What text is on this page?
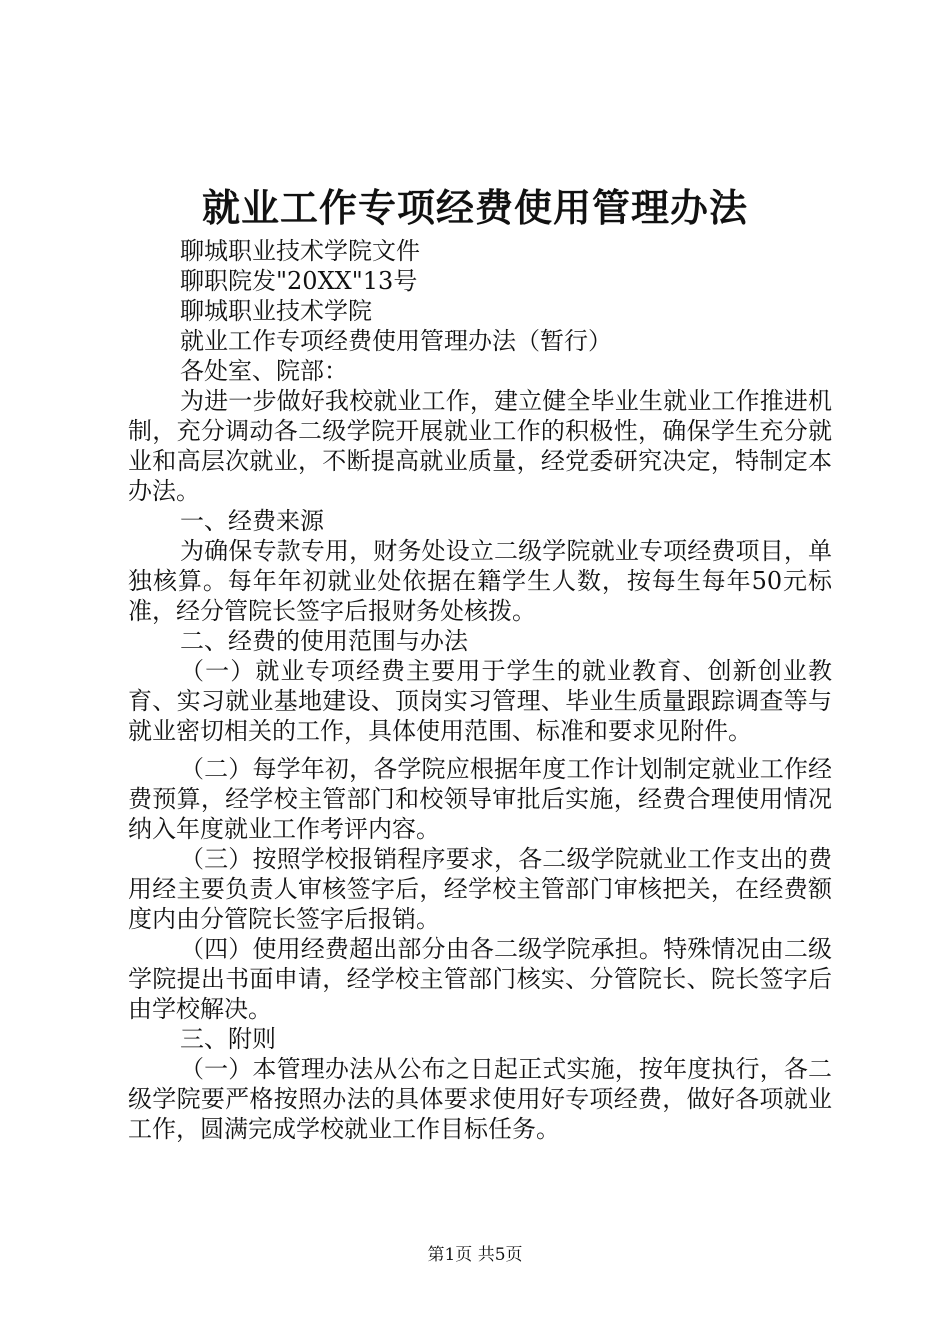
就业工作专项经费使用管理办法

聊城职业技术学院文件

聊职院发"20XX"13号

聊城职业技术学院

就业工作专项经费使用管理办法（暂行）

各处室、院部：

为进一步做好我校就业工作，建立健全毕业生就业工作推进机制，充分调动各二级学院开展就业工作的积极性，确保学生充分就业和高层次就业，不断提高就业质量，经党委研究决定，特制定本办法。

一、经费来源

为确保专款专用，财务处设立二级学院就业专项经费项目，单独核算。每年年初就业处依据在籍学生人数，按每生每年50元标准，经分管院长签字后报财务处核拨。

二、经费的使用范围与办法

（一）就业专项经费主要用于学生的就业教育、创新创业教育、实习就业基地建设、顶岗实习管理、毕业生质量跟踪调查等与就业密切相关的工作，具体使用范围、标准和要求见附件。

（二）每学年初，各学院应根据年度工作计划制定就业工作经费预算，经学校主管部门和校领导审批后实施，经费合理使用情况纳入年度就业工作考评内容。

（三）按照学校报销程序要求，各二级学院就业工作支出的费用经主要负责人审核签字后，经学校主管部门审核把关，在经费额度内由分管院长签字后报销。

（四）使用经费超出部分由各二级学院承担。特殊情况由二级学院提出书面申请，经学校主管部门核实、分管院长、院长签字后由学校解决。

三、附则

（一）本管理办法从公布之日起正式实施，按年度执行，各二级学院要严格按照办法的具体要求使用好专项经费，做好各项就业工作，圆满完成学校就业工作目标任务。

第1页 共5页
